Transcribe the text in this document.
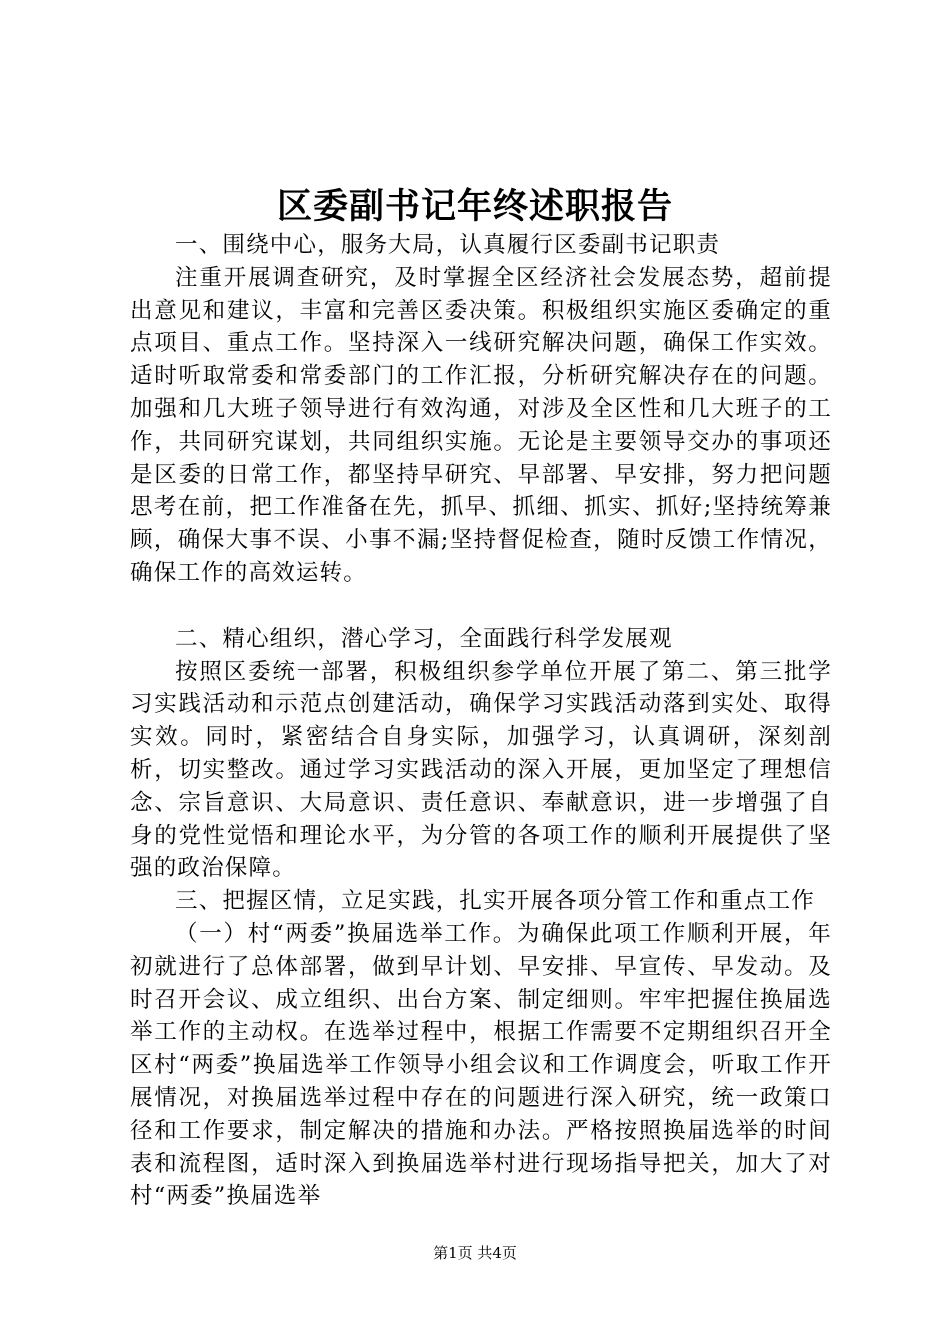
区委副书记年终述职报告

一、围绕中心，服务大局，认真履行区委副书记职责

注重开展调查研究，及时掌握全区经济社会发展态势，超前提出意见和建议，丰富和完善区委决策。积极组织实施区委确定的重点项目、重点工作。坚持深入一线研究解决问题，确保工作实效。适时听取常委和常委部门的工作汇报，分析研究解决存在的问题。加强和几大班子领导进行有效沟通，对涉及全区性和几大班子的工作，共同研究谋划，共同组织实施。无论是主要领导交办的事项还是区委的日常工作，都坚持早研究、早部署、早安排，努力把问题思考在前，把工作准备在先，抓早、抓细、抓实、抓好;坚持统筹兼顾，确保大事不误、小事不漏;坚持督促检查，随时反馈工作情况，确保工作的高效运转。

二、精心组织，潜心学习，全面践行科学发展观

按照区委统一部署，积极组织参学单位开展了第二、第三批学习实践活动和示范点创建活动，确保学习实践活动落到实处、取得实效。同时，紧密结合自身实际，加强学习，认真调研，深刻剖析，切实整改。通过学习实践活动的深入开展，更加坚定了理想信念、宗旨意识、大局意识、责任意识、奉献意识，进一步增强了自身的党性觉悟和理论水平，为分管的各项工作的顺利开展提供了坚强的政治保障。

三、把握区情，立足实践，扎实开展各项分管工作和重点工作

（一）村“两委”换届选举工作。为确保此项工作顺利开展，年初就进行了总体部署，做到早计划、早安排、早宣传、早发动。及时召开会议、成立组织、出台方案、制定细则。牢牢把握住换届选举工作的主动权。在选举过程中，根据工作需要不定期组织召开全区村“两委”换届选举工作领导小组会议和工作调度会，听取工作开展情况，对换届选举过程中存在的问题进行深入研究，统一政策口径和工作要求，制定解决的措施和办法。严格按照换届选举的时间表和流程图，适时深入到换届选举村进行现场指导把关，加大了对村“两委”换届选举

第1页 共4页
